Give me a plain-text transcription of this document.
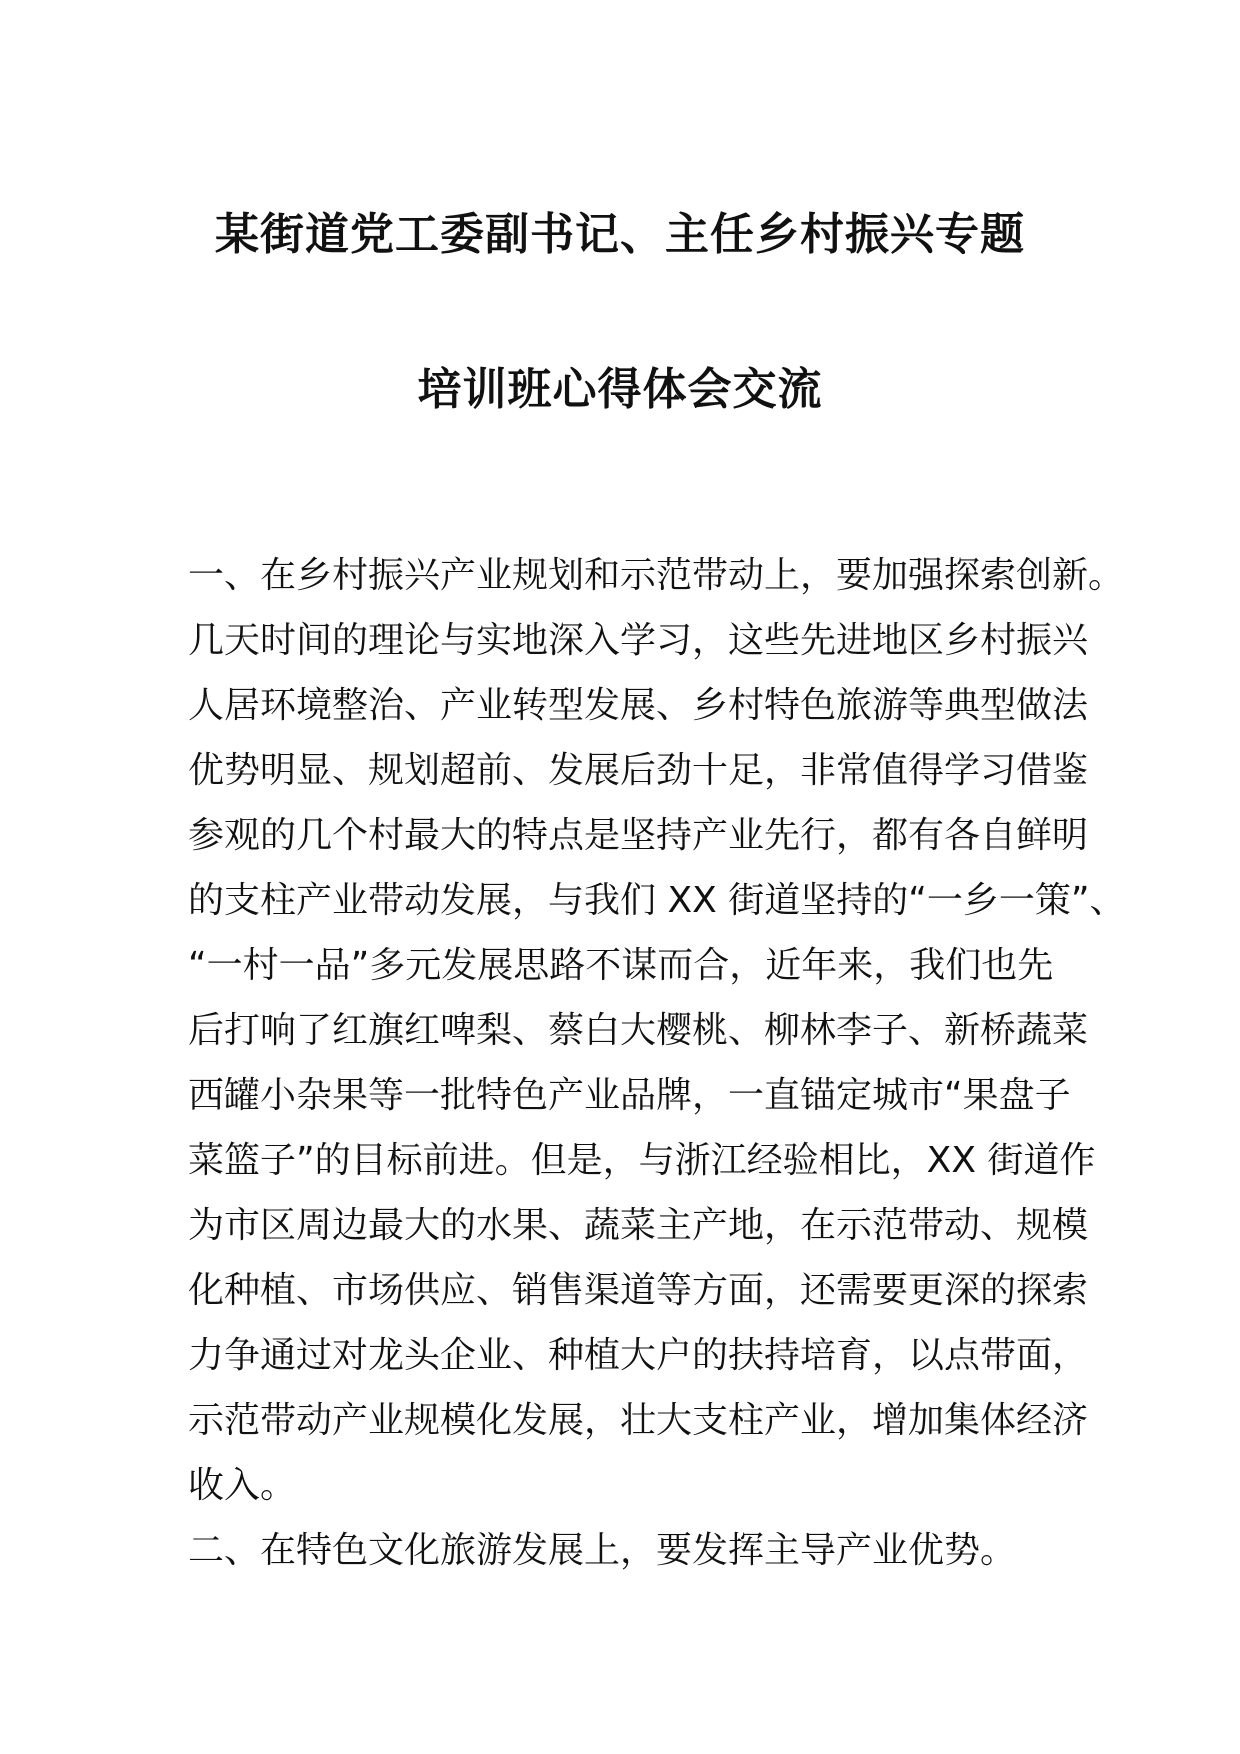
某街道党工委副书记、主任乡村振兴专题
培训班心得体会交流
一、在乡村振兴产业规划和示范带动上，要加强探索创新。
几天时间的理论与实地深入学习，这些先进地区乡村振兴
人居环境整治、产业转型发展、乡村特色旅游等典型做法
优势明显、规划超前、发展后劲十足，非常值得学习借鉴
参观的几个村最大的特点是坚持产业先行，都有各自鲜明
的支柱产业带动发展，与我们 XX 街道坚持的“一乡一策”、
“一村一品”多元发展思路不谋而合，近年来，我们也先
后打响了红旗红啤梨、蔡白大樱桃、柳林李子、新桥蔬菜
西罐小杂果等一批特色产业品牌，一直锚定城市“果盘子
菜篮子”的目标前进。但是，与浙江经验相比，XX 街道作
为市区周边最大的水果、蔬菜主产地，在示范带动、规模
化种植、市场供应、销售渠道等方面，还需要更深的探索
力争通过对龙头企业、种植大户的扶持培育，以点带面，
示范带动产业规模化发展，壮大支柱产业，增加集体经济
收入。
二、在特色文化旅游发展上，要发挥主导产业优势。
